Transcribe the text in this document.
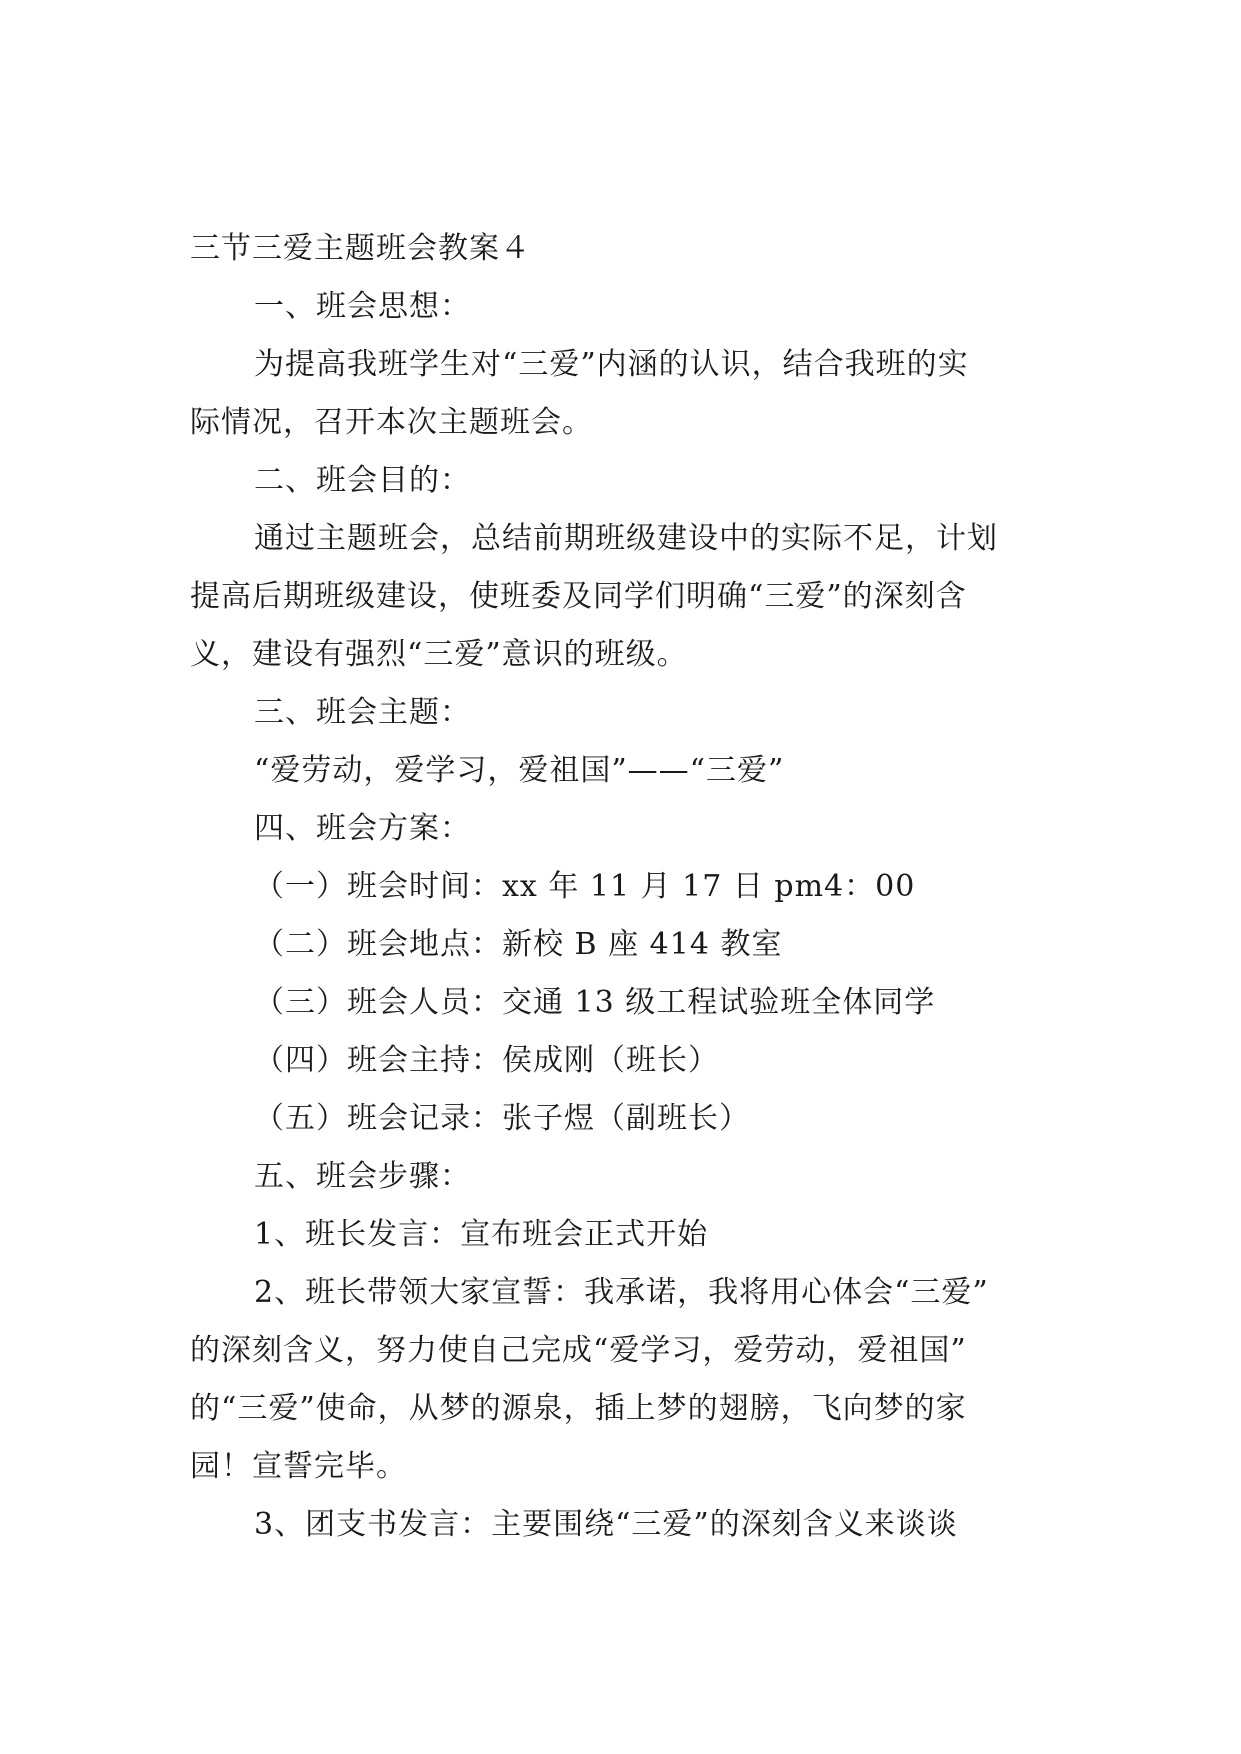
三节三爱主题班会教案４
一、班会思想：
为提高我班学生对“三爱”内涵的认识，结合我班的实
际情况，召开本次主题班会。
二、班会目的：
通过主题班会，总结前期班级建设中的实际不足，计划
提高后期班级建设，使班委及同学们明确“三爱”的深刻含
义，建设有强烈“三爱”意识的班级。
三、班会主题：
“爱劳动，爱学习，爱祖国”——“三爱”
四、班会方案：
（一）班会时间：xx 年 11 月 17 日 pm4：00
（二）班会地点：新校 B 座 414 教室
（三）班会人员：交通 13 级工程试验班全体同学
（四）班会主持：侯成刚（班长）
（五）班会记录：张子煜（副班长）
五、班会步骤：
1、班长发言：宣布班会正式开始
2、班长带领大家宣誓：我承诺，我将用心体会“三爱”
的深刻含义，努力使自己完成“爱学习，爱劳动，爱祖国”
的“三爱”使命，从梦的源泉，插上梦的翅膀，飞向梦的家
园！宣誓完毕。
3、团支书发言：主要围绕“三爱”的深刻含义来谈谈
